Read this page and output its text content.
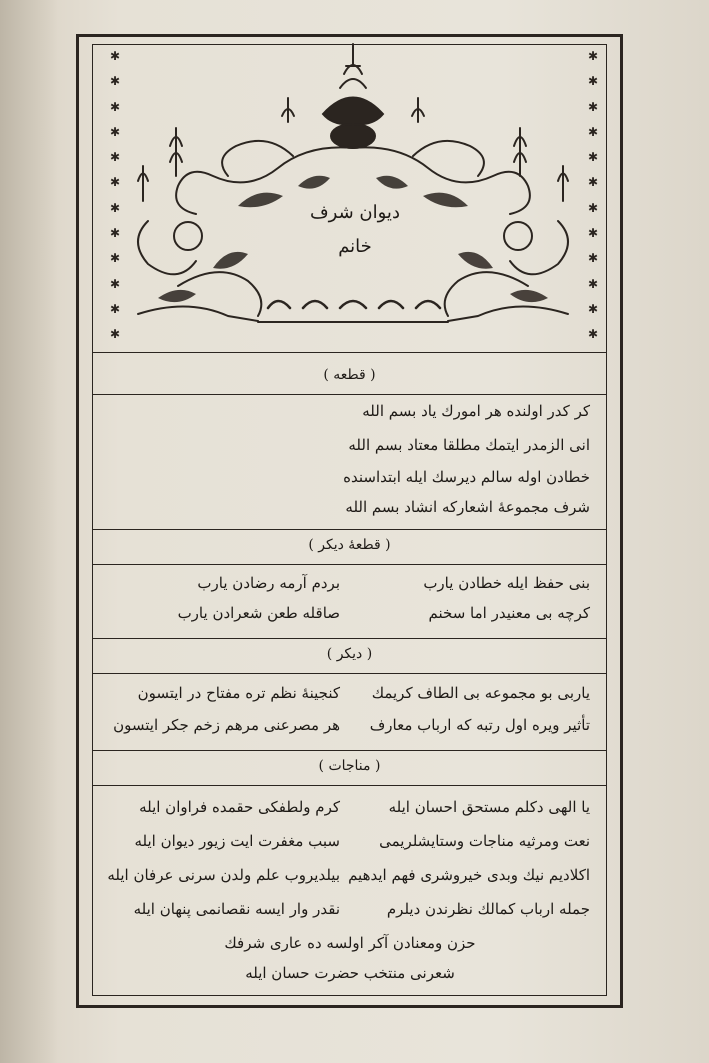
✱
✱
✱
✱
✱
✱
✱
✱
✱
✱
✱
✱
✱
✱
✱
✱
✱
✱
✱
✱
✱
✱
✱
✱
دیوان شرف
خانم
( قطعه )
کر کدر اولنده هر امورك یاد بسم الله
انی الزمدر ایتمك مطلقا معتاد بسم الله
خطادن اوله سالم دیرسك ایله ابتداسنده
شرف مجموعهٔ اشعارکه انشاد بسم الله
( قطعهٔ دیکر )
بنی حفظ ایله خطادن یارب
بردم آرمه رضادن یارب
کرچه بی معنیدر اما سخنم
صاقله طعن شعرادن یارب
( دیکر )
یاربی بو مجموعه بی الطاف کریمك
کنجینهٔ نظم تره مفتاح در ایتسون
تأثیر ویره اول رتبه که ارباب معارف
هر مصرعنی مرهم زخم جکر ایتسون
( مناجات )
یا الهی دکلم مستحق احسان ایله
کرم ولطفکی حقمده فراوان ایله
نعت ومرثیه مناجات وستایشلریمی
سبب مغفرت ایت زیور دیوان ایله
اکلادیم نیك وبدی خیروشری فهم ایدهیم
بیلدیروب علم ولدن سرنی عرفان ایله
جمله ارباب کمالك نظرندن دیلرم
نقدر وار ایسه نقصانمی پنهان ایله
حزن ومعنادن آکر اولسه ده عاری شرفك
شعرنی منتخب حضرت حسان ایله
